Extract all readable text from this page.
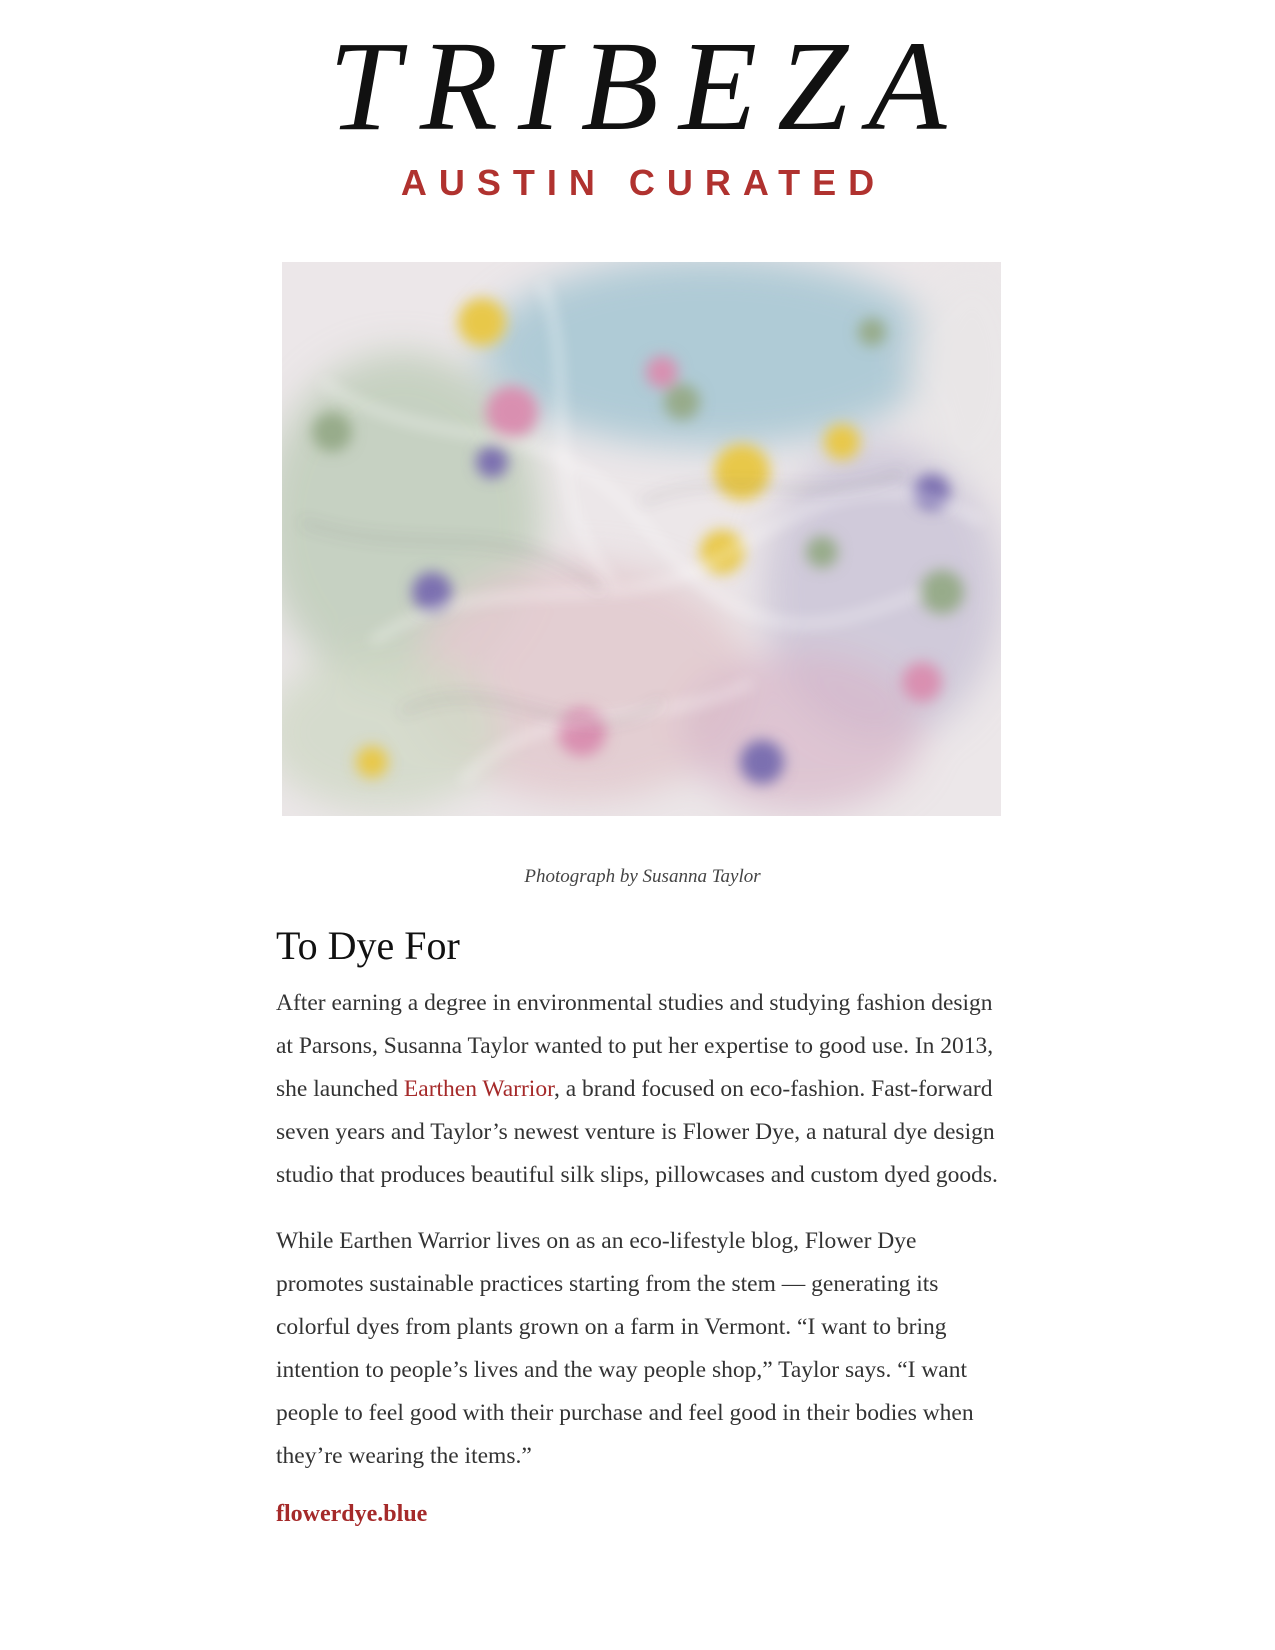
TRIBEZA
AUSTIN CURATED
Photograph by Susanna Taylor
To Dye For

After earning a degree in environmental studies and studying fashion design at Parsons, Susanna Taylor wanted to put her expertise to good use. In 2013, she launched Earthen Warrior, a brand focused on eco-fashion. Fast-forward seven years and Taylor’s newest venture is Flower Dye, a natural dye design studio that produces beautiful silk slips, pillowcases and custom dyed goods.

While Earthen Warrior lives on as an eco-lifestyle blog, Flower Dye promotes sustainable practices starting from the stem — generating its colorful dyes from plants grown on a farm in Vermont. “I want to bring intention to people’s lives and the way people shop,” Taylor says. “I want people to feel good with their purchase and feel good in their bodies when they’re wearing the items.”

flowerdye.blue
